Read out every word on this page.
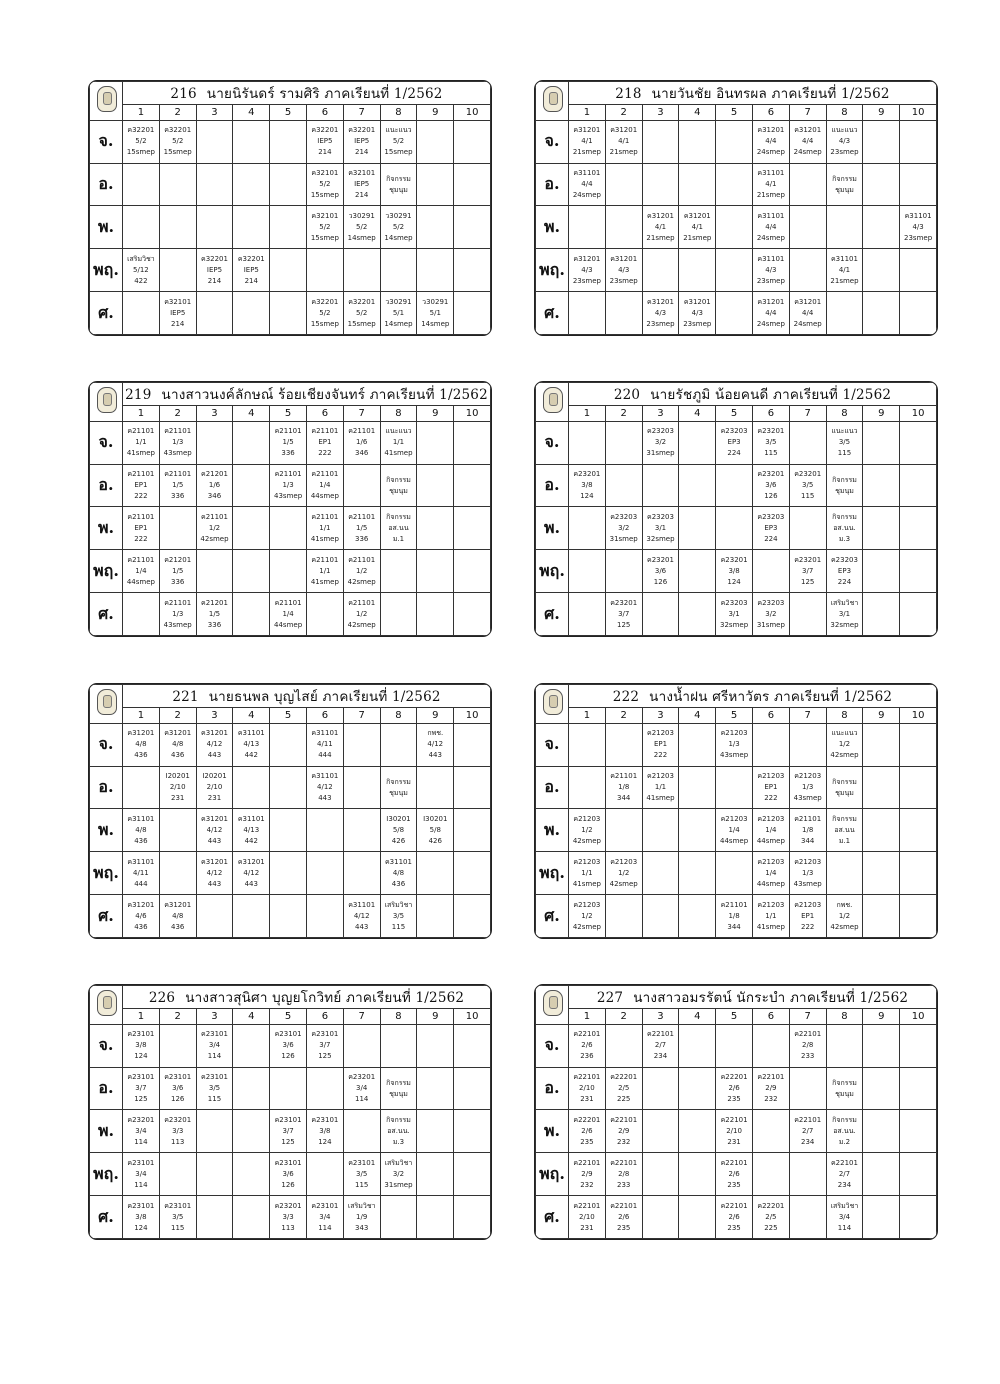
	216 นายนิรันดร์ รามศิริ ภาคเรียนที่ 1/2562									
	1	2	3	4	5	6	7	8	9	10
จ.	ค32201
5/2
15smep	ค32201
5/2
15smep				ค32201
IEP5
214	ค32201
IEP5
214	แนะแนว
5/2
15smep		

อ.						ค32101
5/2
15smep	ค32101
IEP5
214	กิจกรรม
ชุมนุม		

พ.						ค32101
5/2
15smep	ว30291
5/2
14smep	ว30291
5/2
14smep		

พฤ.	เสริมวิชา
5/12
422		ค32201
IEP5
214	ค32201
IEP5
214						

ศ.		ค32101
IEP5
214				ค32201
5/2
15smep	ค32201
5/2
15smep	ว30291
5/1
14smep	ว30291
5/1
14smep	

	218 นายวันชัย อินทรผล ภาคเรียนที่ 1/2562									
	1	2	3	4	5	6	7	8	9	10
จ.	ค31201
4/1
21smep	ค31201
4/1
21smep				ค31201
4/4
24smep	ค31201
4/4
24smep	แนะแนว
4/3
23smep		

อ.	ค31101
4/4
24smep					ค31101
4/1
21smep		กิจกรรม
ชุมนุม		

พ.			ค31201
4/1
21smep	ค31201
4/1
21smep		ค31101
4/4
24smep				ค31101
4/3
23smep

พฤ.	ค31201
4/3
23smep	ค31201
4/3
23smep				ค31101
4/3
23smep		ค31101
4/1
21smep		

ศ.			ค31201
4/3
23smep	ค31201
4/3
23smep		ค31201
4/4
24smep	ค31201
4/4
24smep			

	219 นางสาวนงค์ลักษณ์ ร้อยเชียงจันทร์ ภาคเรียนที่ 1/2562									
	1	2	3	4	5	6	7	8	9	10
จ.	ค21101
1/1
41smep	ค21101
1/3
43smep			ค21101
1/5
336	ค21101
EP1
222	ค21101
1/6
346	แนะแนว
1/1
41smep		

อ.	ค21101
EP1
222	ค21101
1/5
336	ค21201
1/6
346		ค21101
1/3
43smep	ค21101
1/4
44smep		กิจกรรม
ชุมนุม		

พ.	ค21101
EP1
222		ค21101
1/2
42smep			ค21101
1/1
41smep	ค21101
1/5
336	กิจกรรม
อส.นน
ม.1		

พฤ.	ค21101
1/4
44smep	ค21201
1/5
336				ค21101
1/1
41smep	ค21101
1/2
42smep			

ศ.		ค21101
1/3
43smep	ค21201
1/5
336		ค21101
1/4
44smep		ค21101
1/2
42smep			

	220 นายรัชภูมิ น้อยคนดี ภาคเรียนที่ 1/2562									
	1	2	3	4	5	6	7	8	9	10
จ.			ค23203
3/2
31smep		ค23203
EP3
224	ค23201
3/5
115		แนะแนว
3/5
115		

อ.	ค23201
3/8
124					ค23201
3/6
126	ค23201
3/5
115	กิจกรรม
ชุมนุม		

พ.		ค23203
3/2
31smep	ค23203
3/1
32smep			ค23203
EP3
224		กิจกรรม
อส.นน.
ม.3		

พฤ.			ค23201
3/6
126		ค23201
3/8
124		ค23201
3/7
125	ค23203
EP3
224		

ศ.		ค23201
3/7
125			ค23203
3/1
32smep	ค23203
3/2
31smep		เสริมวิชา
3/1
32smep		

	221 นายธนพล บุญไสย์ ภาคเรียนที่ 1/2562									
	1	2	3	4	5	6	7	8	9	10
จ.	ค31201
4/8
436	ค31201
4/8
436	ค31201
4/12
443	ค31101
4/13
442		ค31101
4/11
444			กพช.
4/12
443	

อ.		I20201
2/10
231	I20201
2/10
231			ค31101
4/12
443		กิจกรรม
ชุมนุม		

พ.	ค31101
4/8
436		ค31201
4/12
443	ค31101
4/13
442				I30201
5/8
426	I30201
5/8
426	

พฤ.	ค31101
4/11
444		ค31201
4/12
443	ค31201
4/12
443				ค31101
4/8
436		

ศ.	ค31201
4/6
436	ค31201
4/8
436					ค31101
4/12
443	เสริมวิชา
3/5
115		

	222 นางน้ำฝน ศรีหาวัตร ภาคเรียนที่ 1/2562									
	1	2	3	4	5	6	7	8	9	10
จ.			ค21203
EP1
222		ค21203
1/3
43smep			แนะแนว
1/2
42smep		

อ.		ค21101
1/8
344	ค21203
1/1
41smep			ค21203
EP1
222	ค21203
1/3
43smep	กิจกรรม
ชุมนุม		

พ.	ค21203
1/2
42smep				ค21203
1/4
44smep	ค21203
1/4
44smep	ค21101
1/8
344	กิจกรรม
อส.นน
ม.1		

พฤ.	ค21203
1/1
41smep	ค21203
1/2
42smep				ค21203
1/4
44smep	ค21203
1/3
43smep			

ศ.	ค21203
1/2
42smep				ค21101
1/8
344	ค21203
1/1
41smep	ค21203
EP1
222	กพช.
1/2
42smep		

	226 นางสาวสุนิศา บุญยโกวิทย์ ภาคเรียนที่ 1/2562									
	1	2	3	4	5	6	7	8	9	10
จ.	ค23101
3/8
124		ค23101
3/4
114		ค23101
3/6
126	ค23101
3/7
125				

อ.	ค23101
3/7
125	ค23101
3/6
126	ค23101
3/5
115				ค23201
3/4
114	กิจกรรม
ชุมนุม		

พ.	ค23201
3/4
114	ค23201
3/3
113			ค23101
3/7
125	ค23101
3/8
124		กิจกรรม
อส.นน.
ม.3		

พฤ.	ค23101
3/4
114				ค23101
3/6
126		ค23101
3/5
115	เสริมวิชา
3/2
31smep		

ศ.	ค23101
3/8
124	ค23101
3/5
115			ค23201
3/3
113	ค23101
3/4
114	เสริมวิชา
1/9
343			

	227 นางสาวอมรรัตน์ นักระบำ ภาคเรียนที่ 1/2562									
	1	2	3	4	5	6	7	8	9	10
จ.	ค22101
2/6
236		ค22101
2/7
234				ค22101
2/8
233			

อ.	ค22101
2/10
231	ค22201
2/5
225			ค22201
2/6
235	ค22101
2/9
232		กิจกรรม
ชุมนุม		

พ.	ค22201
2/6
235	ค22101
2/9
232			ค22101
2/10
231		ค22101
2/7
234	กิจกรรม
อส.นน.
ม.2		

พฤ.	ค22101
2/9
232	ค22101
2/8
233			ค22101
2/6
235			ค22101
2/7
234		

ศ.	ค22101
2/10
231	ค22101
2/6
235			ค22101
2/6
235	ค22201
2/5
225		เสริมวิชา
3/4
114		
